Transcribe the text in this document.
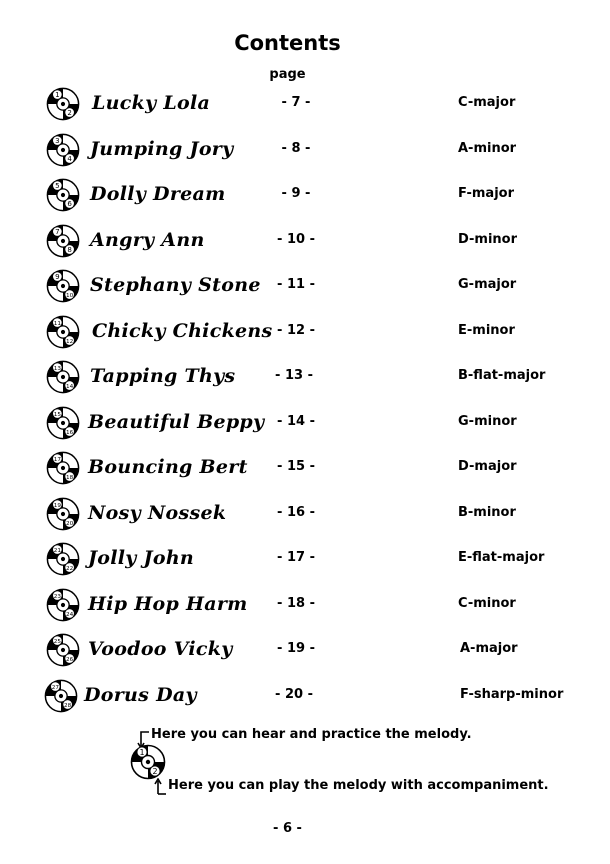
Contents
page
1
2 Lucky Lola	- 7 -	C-major
3
4 Jumping Jory	- 8 -	A-minor
5
6 Dolly Dream	- 9 -	F-major
7
8 Angry Ann	- 10 -	D-minor
9
10
Stephany Stone - 11 -	G-major
11
12
Chicky Chickens - 12 -	E-minor
13
14
Tapping Thys	- 13 -	B-flat-major
15
16
Beautiful Beppy - 14 -	G-minor
17
18
Bouncing Bert - 15 -	D-major
19
20
Nosy Nossek	- 16 -	B-minor
21
22
Jolly John	- 17 -	E-flat-major
23
24
Hip Hop Harm - 18 -	C-minor
25
26
Voodoo Vicky	- 19 -	A-major
27
28
Dorus Day	- 20 -	F-sharp-minor
Here you can hear and practice the melody.
1
2
Here you can play the melody with accompaniment.
- 6 -
